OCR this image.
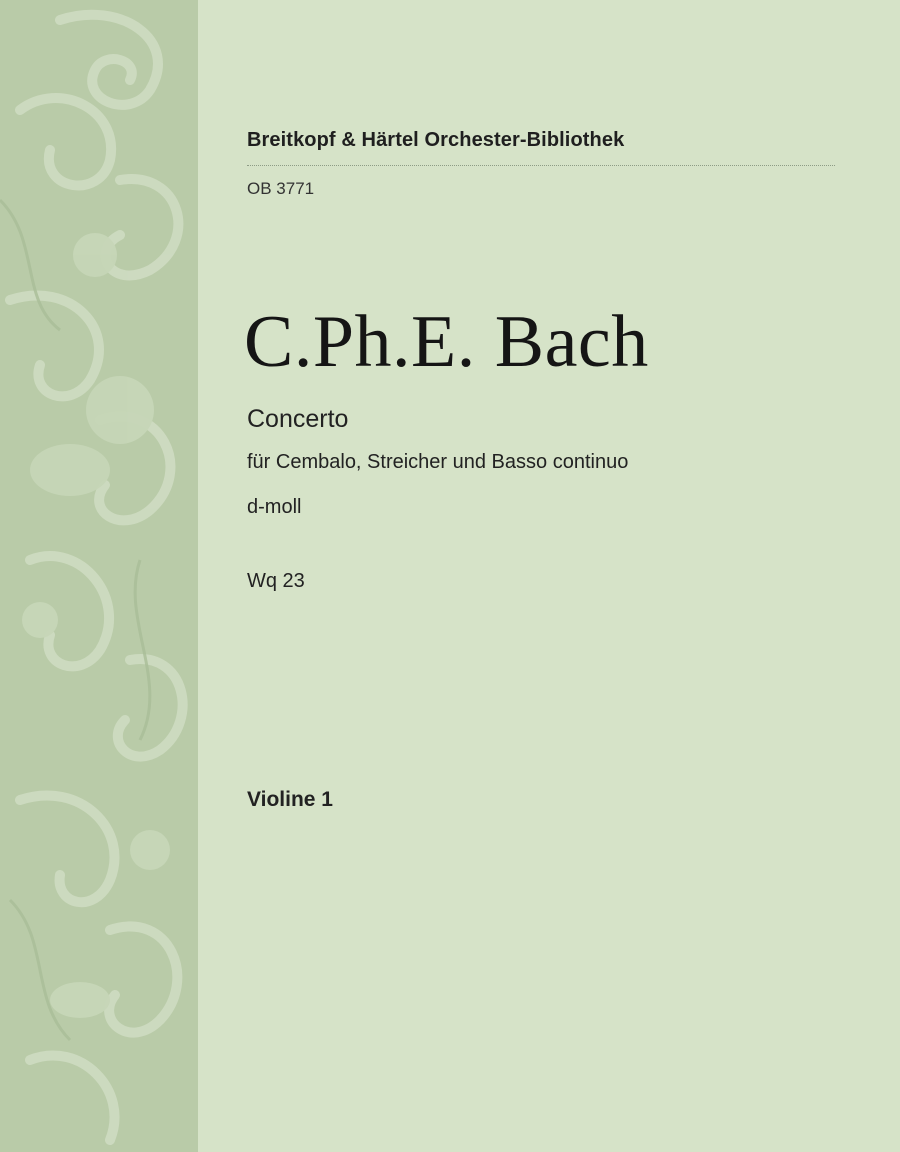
Breitkopf & Härtel Orchester-Bibliothek
OB 3771
C.Ph.E. Bach
Concerto
für Cembalo, Streicher und Basso continuo
d-moll
Wq 23
Violine 1
